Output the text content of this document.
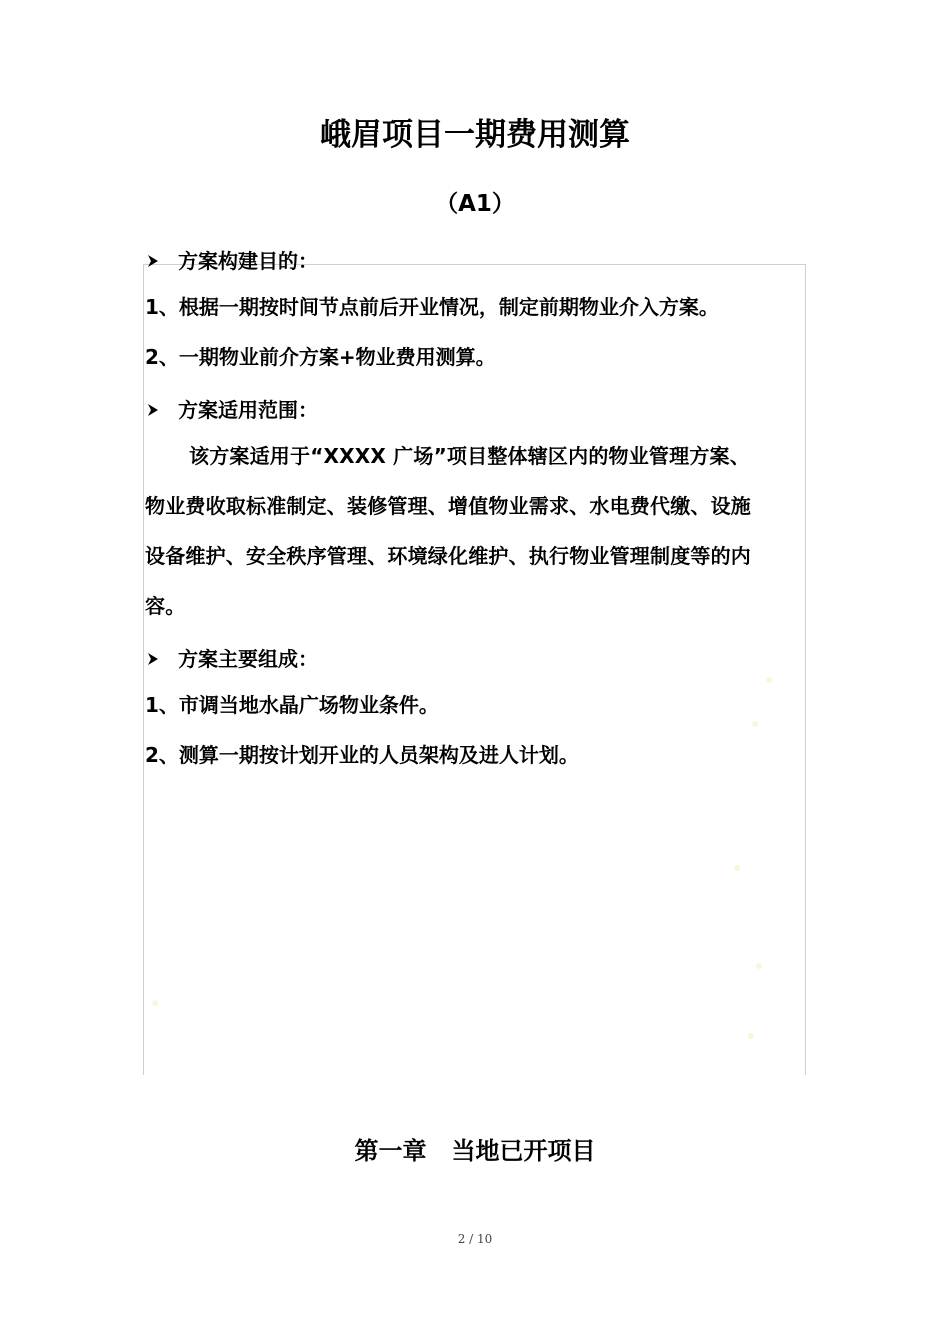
峨眉项目一期费用测算
（A1）
方案构建目的：
1、根据一期按时间节点前后开业情况，制定前期物业介入方案。
2、一期物业前介方案+物业费用测算。
方案适用范围：
该方案适用于“XXXX 广场”项目整体辖区内的物业管理方案、
物业费收取标准制定、装修管理、增值物业需求、水电费代缴、设施
设备维护、安全秩序管理、环境绿化维护、执行物业管理制度等的内
容。
方案主要组成：
1、市调当地水晶广场物业条件。
2、测算一期按计划开业的人员架构及进人计划。
第一章   当地已开项目
2 / 10
